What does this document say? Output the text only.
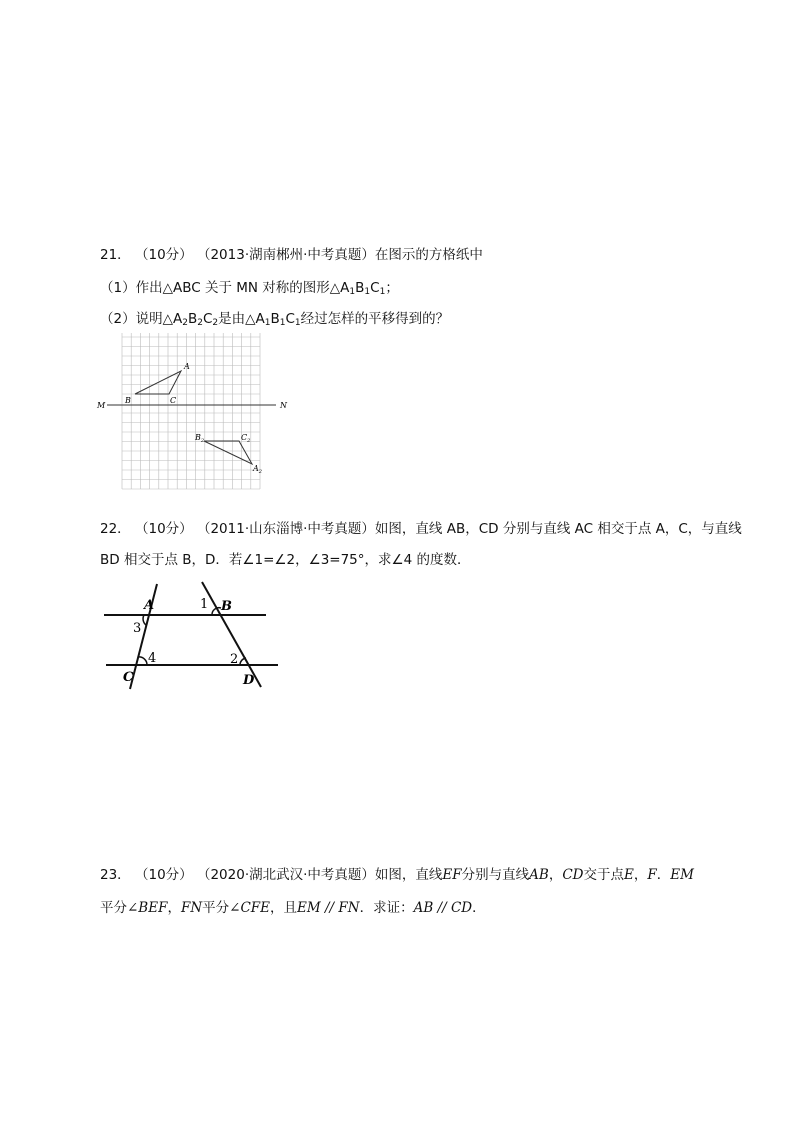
21． （10分） （2013·湖南郴州·中考真题）在图示的方格纸中
（1）作出△ABC 关于 MN 对称的图形$\triangle A_1B_1C_1$；
（2）说明$\triangle A_2B_2C_2$是由$\triangle A_1B_1C_1$经过怎样的平移得到的？
A
B	C
M	N
$B_2$	$C_2$
$A_2$
22． （10分） （2011·山东淄博·中考真题）如图，直线 AB，CD 分别与直线 AC 相交于点 A，C，与直线
BD 相交于点 B，D．若∠1=∠2，∠3=75°，求∠4 的度数．
A	B
C	D
1
2
3
4
23． （10分） （2020·湖北武汉·中考真题）如图，直线EF分别与直线AB，CD交于点E，F．EM
平分∠BEF，FN平分∠CFE，且EM // FN．求证：AB // CD．
